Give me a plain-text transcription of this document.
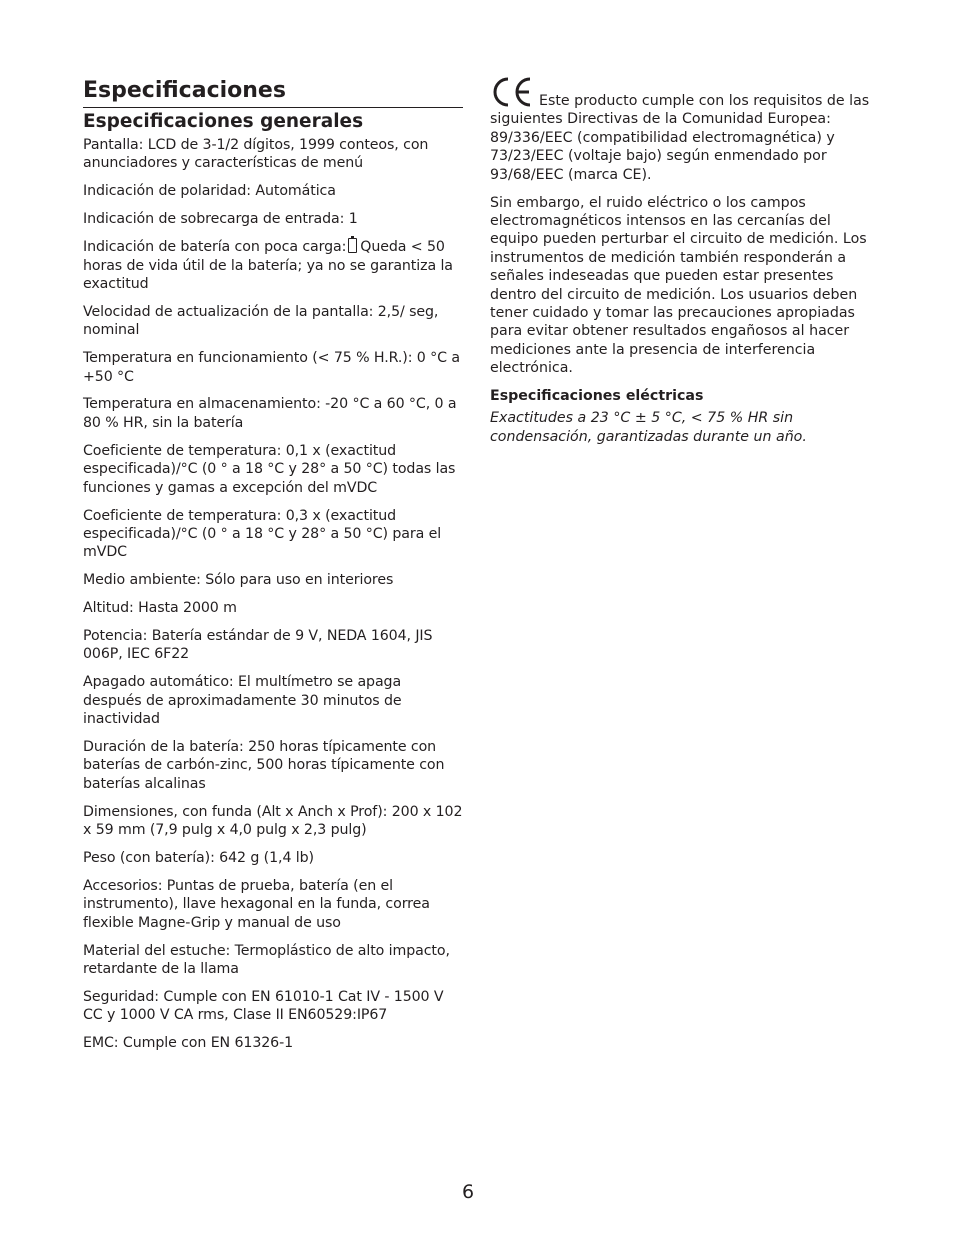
Especificaciones
Especificaciones generales

Pantalla: LCD de 3-1/2 dígitos, 1999 conteos, con anunciadores y características de menú

Indicación de polaridad: Automática

Indicación de sobrecarga de entrada: 1

Indicación de batería con poca carga: Queda < 50 horas de vida útil de la batería; ya no se garantiza la exactitud

Velocidad de actualización de la pantalla: 2,5/ seg, nominal

Temperatura en funcionamiento (< 75 % H.R.): 0 °C a +50 °C

Temperatura en almacenamiento: -20 °C a 60 °C, 0 a 80 % HR, sin la batería

Coeficiente de temperatura: 0,1 x (exactitud especificada)/°C (0 ° a 18 °C y 28° a 50 °C) todas las funciones y gamas a excepción del mVDC

Coeficiente de temperatura: 0,3 x (exactitud especificada)/°C (0 ° a 18 °C y 28° a 50 °C) para el mVDC

Medio ambiente: Sólo para uso en interiores

Altitud: Hasta 2000 m

Potencia: Batería estándar de 9 V, NEDA 1604, JIS 006P, IEC 6F22

Apagado automático: El multímetro se apaga después de aproximadamente 30 minutos de inactividad

Duración de la batería: 250 horas típicamente con baterías de carbón-zinc, 500 horas típicamente con baterías alcalinas

Dimensiones, con funda (Alt x Anch x Prof): 200 x 102 x 59 mm (7,9 pulg x 4,0 pulg x 2,3 pulg)

Peso (con batería): 642 g (1,4 lb)

Accesorios: Puntas de prueba, batería (en el instrumento), llave hexagonal en la funda, correa flexible Magne-Grip y manual de uso

Material del estuche: Termoplástico de alto impacto, retardante de la llama

Seguridad: Cumple con EN 61010-1 Cat IV - 1500 V CC y 1000 V CA rms, Clase II EN60529:IP67

EMC: Cumple con EN 61326-1

Este producto cumple con los requisitos de las siguientes Directivas de la Comunidad Europea: 89/336/EEC (compatibilidad electromagnética) y 73/23/EEC (voltaje bajo) según enmendado por 93/68/EEC (marca CE).

Sin embargo, el ruido eléctrico o los campos electromagnéticos intensos en las cercanías del equipo pueden perturbar el circuito de medición. Los instrumentos de medición también responderán a señales indeseadas que pueden estar presentes dentro del circuito de medición. Los usuarios deben tener cuidado y tomar las precauciones apropiadas para evitar obtener resultados engañosos al hacer mediciones ante la presencia de interferencia electrónica.

Especificaciones eléctricas

Exactitudes a 23 °C ± 5 °C, < 75 % HR sin condensación, garantizadas durante un año.

6
